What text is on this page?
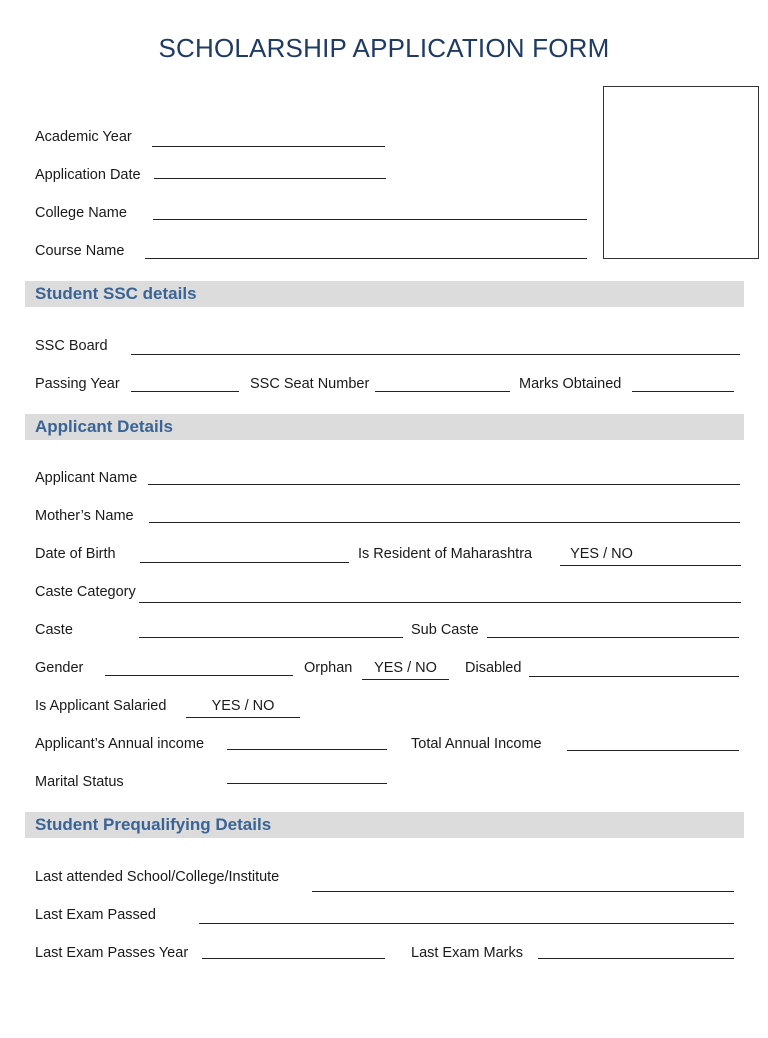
SCHOLARSHIP APPLICATION FORM
Academic Year
Application Date
College Name
Course Name
Student SSC details
SSC Board
Passing Year	SSC Seat Number	Marks Obtained
Applicant Details
Applicant Name
Mother’s Name
Date of Birth	Is Resident of Maharashtra	YES / NO
Caste Category
Caste	Sub Caste
Gender	Orphan	YES / NO	Disabled
Is Applicant Salaried	YES / NO
Applicant’s Annual income	Total Annual Income
Marital Status
Student Prequalifying Details
Last attended School/College/Institute
Last Exam Passed
Last Exam Passes Year	Last Exam Marks
